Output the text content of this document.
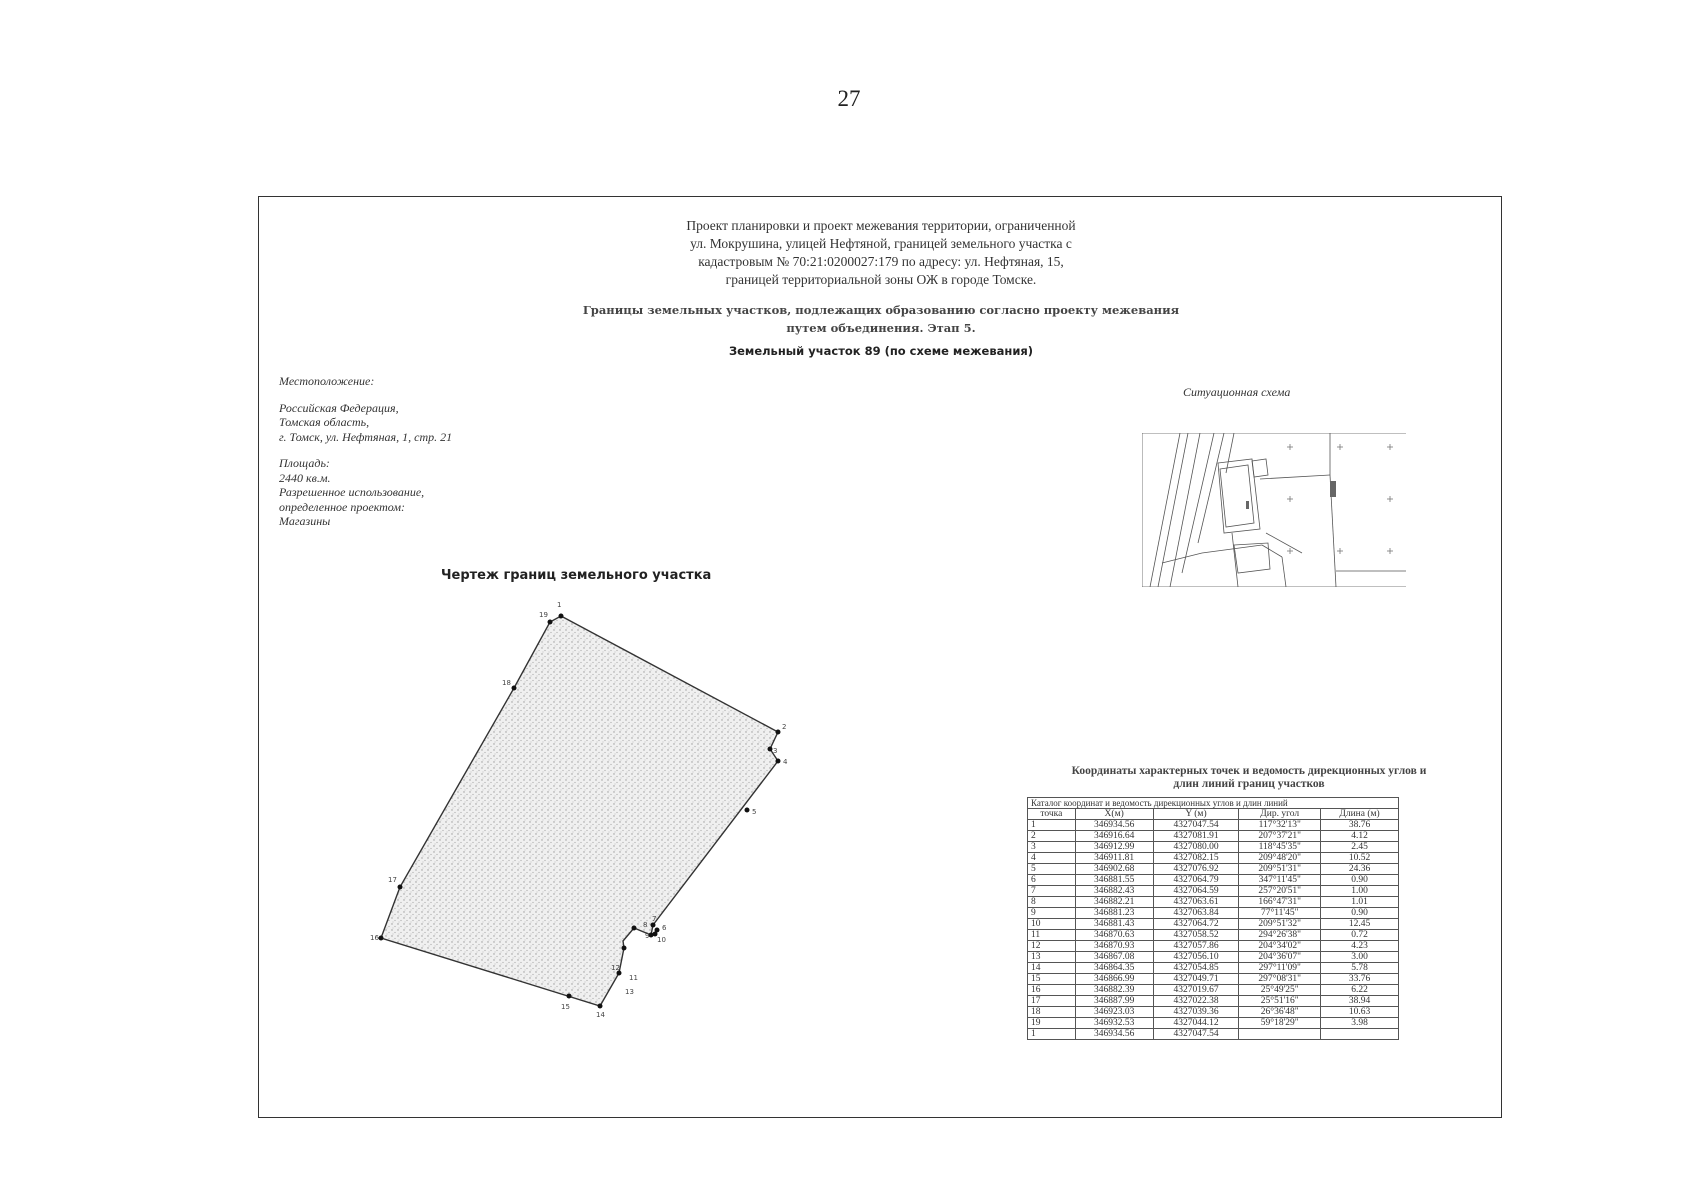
27
Проект планировки и проект межевания территории, ограниченной
ул. Мокрушина, улицей Нефтяной, границей земельного участка с
кадастровым № 70:21:0200027:179 по адресу: ул. Нефтяная, 15,
границей территориальной зоны ОЖ в городе Томске.
Границы земельных участков, подлежащих образованию согласно проекту межевания
путем объединения. Этап 5.
Земельный участок 89 (по схеме межевания)
Местоположение:
Российская Федерация,
Томская область,
г. Томск, ул. Нефтяная, 1, стр. 21
Площадь:
2440 кв.м.
Разрешенное использование,
определенное проектом:
Магазины
Ситуационная схема
Чертеж границ земельного участка
1
2
3
4
5
6
7
8
9 10
11
12
13
14
15
16
17
18
19
Координаты характерных точек и ведомость дирекционных углов и
длин линий границ участков
Каталог координат и ведомость дирекционных углов и длин линий				
точка	X(м)	Y (м)	Дир. угол	Длина (м)
1	346934.56	4327047.54	117°32'13"	38.76
2	346916.64	4327081.91	207°37'21"	4.12
3	346912.99	4327080.00	118°45'35"	2.45
4	346911.81	4327082.15	209°48'20"	10.52
5	346902.68	4327076.92	209°51'31"	24.36
6	346881.55	4327064.79	347°11'45"	0.90
7	346882.43	4327064.59	257°20'51"	1.00
8	346882.21	4327063.61	166°47'31"	1.01
9	346881.23	4327063.84	77°11'45"	0.90
10	346881.43	4327064.72	209°51'32"	12.45
11	346870.63	4327058.52	294°26'38"	0.72
12	346870.93	4327057.86	204°34'02"	4.23
13	346867.08	4327056.10	204°36'07"	3.00
14	346864.35	4327054.85	297°11'09"	5.78
15	346866.99	4327049.71	297°08'31"	33.76
16	346882.39	4327019.67	25°49'25"	6.22
17	346887.99	4327022.38	25°51'16"	38.94
18	346923.03	4327039.36	26°36'48"	10.63
19	346932.53	4327044.12	59°18'29"	3.98
1	346934.56	4327047.54		
